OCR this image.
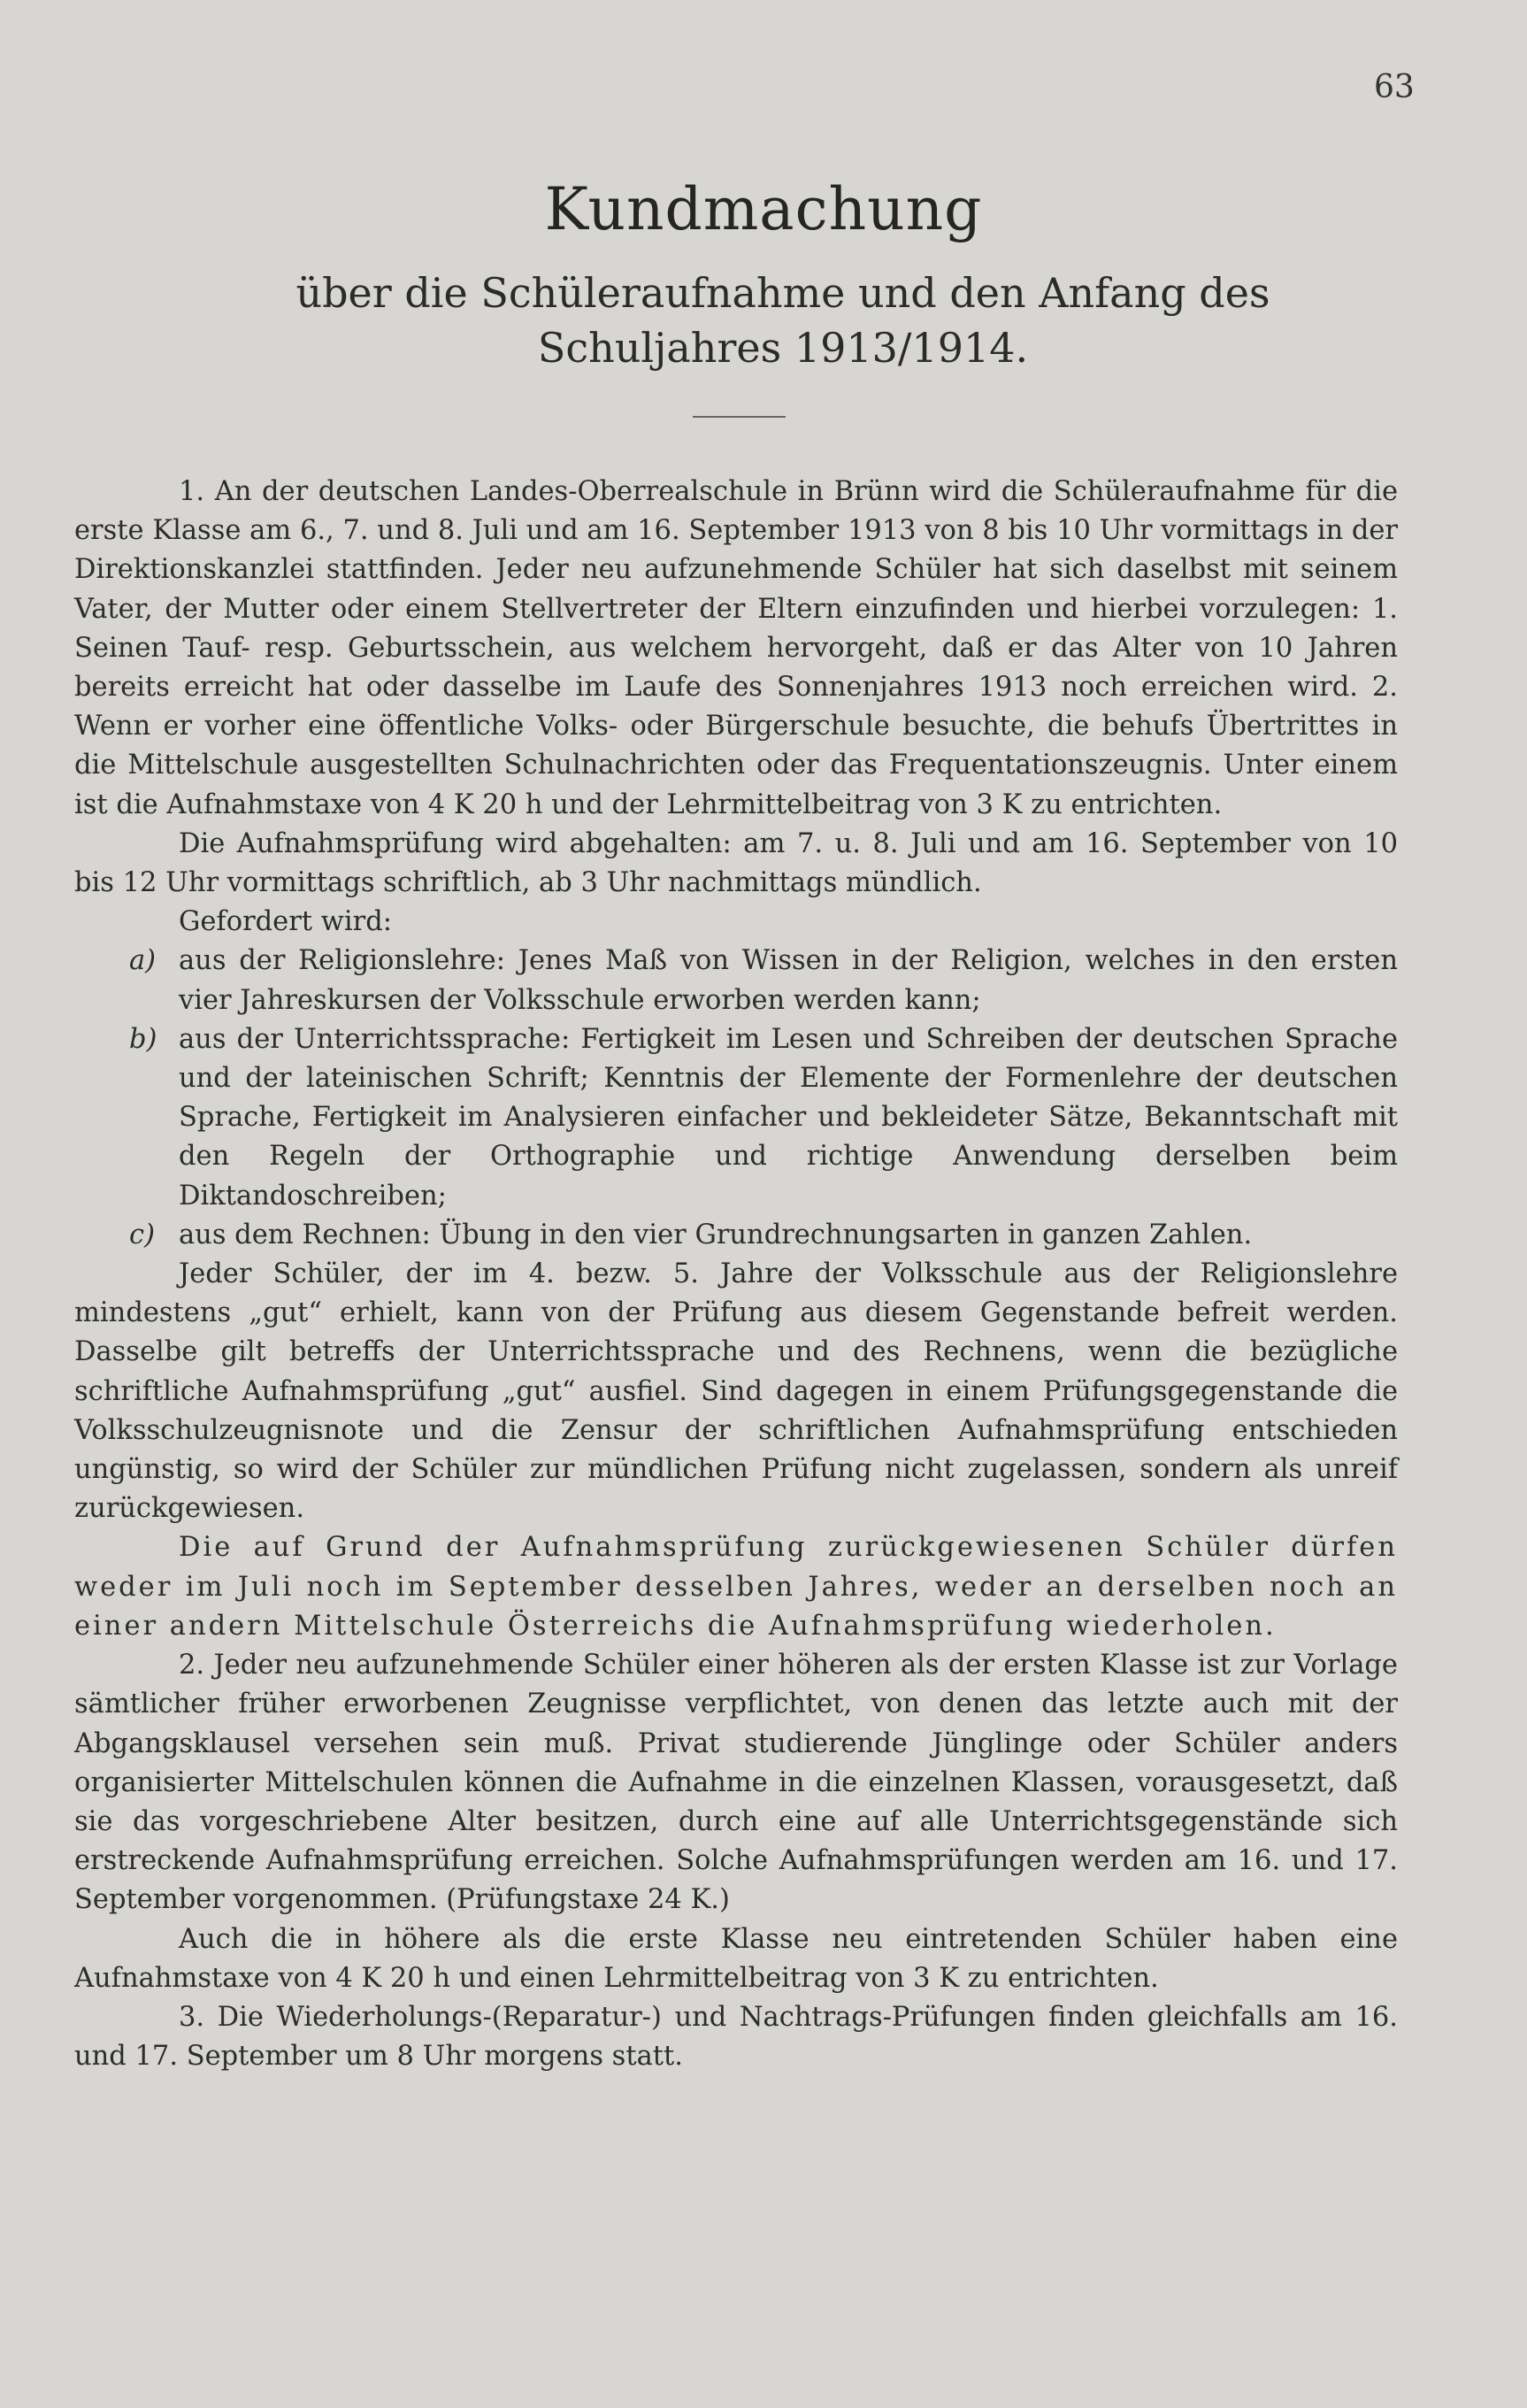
63
Kundmachung
über die Schüleraufnahme und den Anfang des Schuljahres 1913/1914.

1. An der deutschen Landes-Oberrealschule in Brünn wird die Schüleraufnahme für die erste Klasse am 6., 7. und 8. Juli und am 16. September 1913 von 8 bis 10 Uhr vormittags in der Direktionskanzlei stattfinden. Jeder neu aufzunehmende Schüler hat sich daselbst mit seinem Vater, der Mutter oder einem Stellvertreter der Eltern einzufinden und hierbei vorzulegen: 1. Seinen Tauf- resp. Geburtsschein, aus welchem hervorgeht, daß er das Alter von 10 Jahren bereits erreicht hat oder dasselbe im Laufe des Sonnenjahres 1913 noch erreichen wird. 2. Wenn er vorher eine öffentliche Volks- oder Bürgerschule besuchte, die behufs Übertrittes in die Mittelschule ausgestellten Schulnachrichten oder das Frequentationszeugnis. Unter einem ist die Aufnahmstaxe von 4 K 20 h und der Lehrmittelbeitrag von 3 K zu entrichten.

Die Aufnahmsprüfung wird abgehalten: am 7. u. 8. Juli und am 16. September von 10 bis 12 Uhr vormittags schriftlich, ab 3 Uhr nachmittags mündlich.

Gefordert wird:

a) aus der Religionslehre: Jenes Maß von Wissen in der Religion, welches in den ersten vier Jahreskursen der Volksschule erworben werden kann;
b) aus der Unterrichtssprache: Fertigkeit im Lesen und Schreiben der deutschen Sprache und der lateinischen Schrift; Kenntnis der Elemente der Formenlehre der deutschen Sprache, Fertigkeit im Analysieren einfacher und bekleideter Sätze, Bekanntschaft mit den Regeln der Orthographie und richtige Anwendung derselben beim Diktandoschreiben;
c) aus dem Rechnen: Übung in den vier Grundrechnungsarten in ganzen Zahlen.

Jeder Schüler, der im 4. bezw. 5. Jahre der Volksschule aus der Religionslehre mindestens „gut“ erhielt, kann von der Prüfung aus diesem Gegenstande befreit werden. Dasselbe gilt betreffs der Unterrichtssprache und des Rechnens, wenn die bezügliche schriftliche Aufnahmsprüfung „gut“ ausfiel. Sind dagegen in einem Prüfungsgegenstande die Volksschulzeugnisnote und die Zensur der schriftlichen Aufnahmsprüfung entschieden ungünstig, so wird der Schüler zur mündlichen Prüfung nicht zugelassen, sondern als unreif zurückgewiesen.

Die auf Grund der Aufnahmsprüfung zurückgewiesenen Schüler dürfen weder im Juli noch im September desselben Jahres, weder an derselben noch an einer andern Mittelschule Österreichs die Aufnahmsprüfung wiederholen.

2. Jeder neu aufzunehmende Schüler einer höheren als der ersten Klasse ist zur Vorlage sämtlicher früher erworbenen Zeugnisse verpflichtet, von denen das letzte auch mit der Abgangsklausel versehen sein muß. Privat studierende Jünglinge oder Schüler anders organisierter Mittelschulen können die Aufnahme in die einzelnen Klassen, vorausgesetzt, daß sie das vorgeschriebene Alter besitzen, durch eine auf alle Unterrichtsgegenstände sich erstreckende Aufnahmsprüfung erreichen. Solche Aufnahmsprüfungen werden am 16. und 17. September vorgenommen. (Prüfungstaxe 24 K.)

Auch die in höhere als die erste Klasse neu eintretenden Schüler haben eine Aufnahmstaxe von 4 K 20 h und einen Lehrmittelbeitrag von 3 K zu entrichten.

3. Die Wiederholungs-(Reparatur-) und Nachtrags-Prüfungen finden gleichfalls am 16. und 17. September um 8 Uhr morgens statt.
